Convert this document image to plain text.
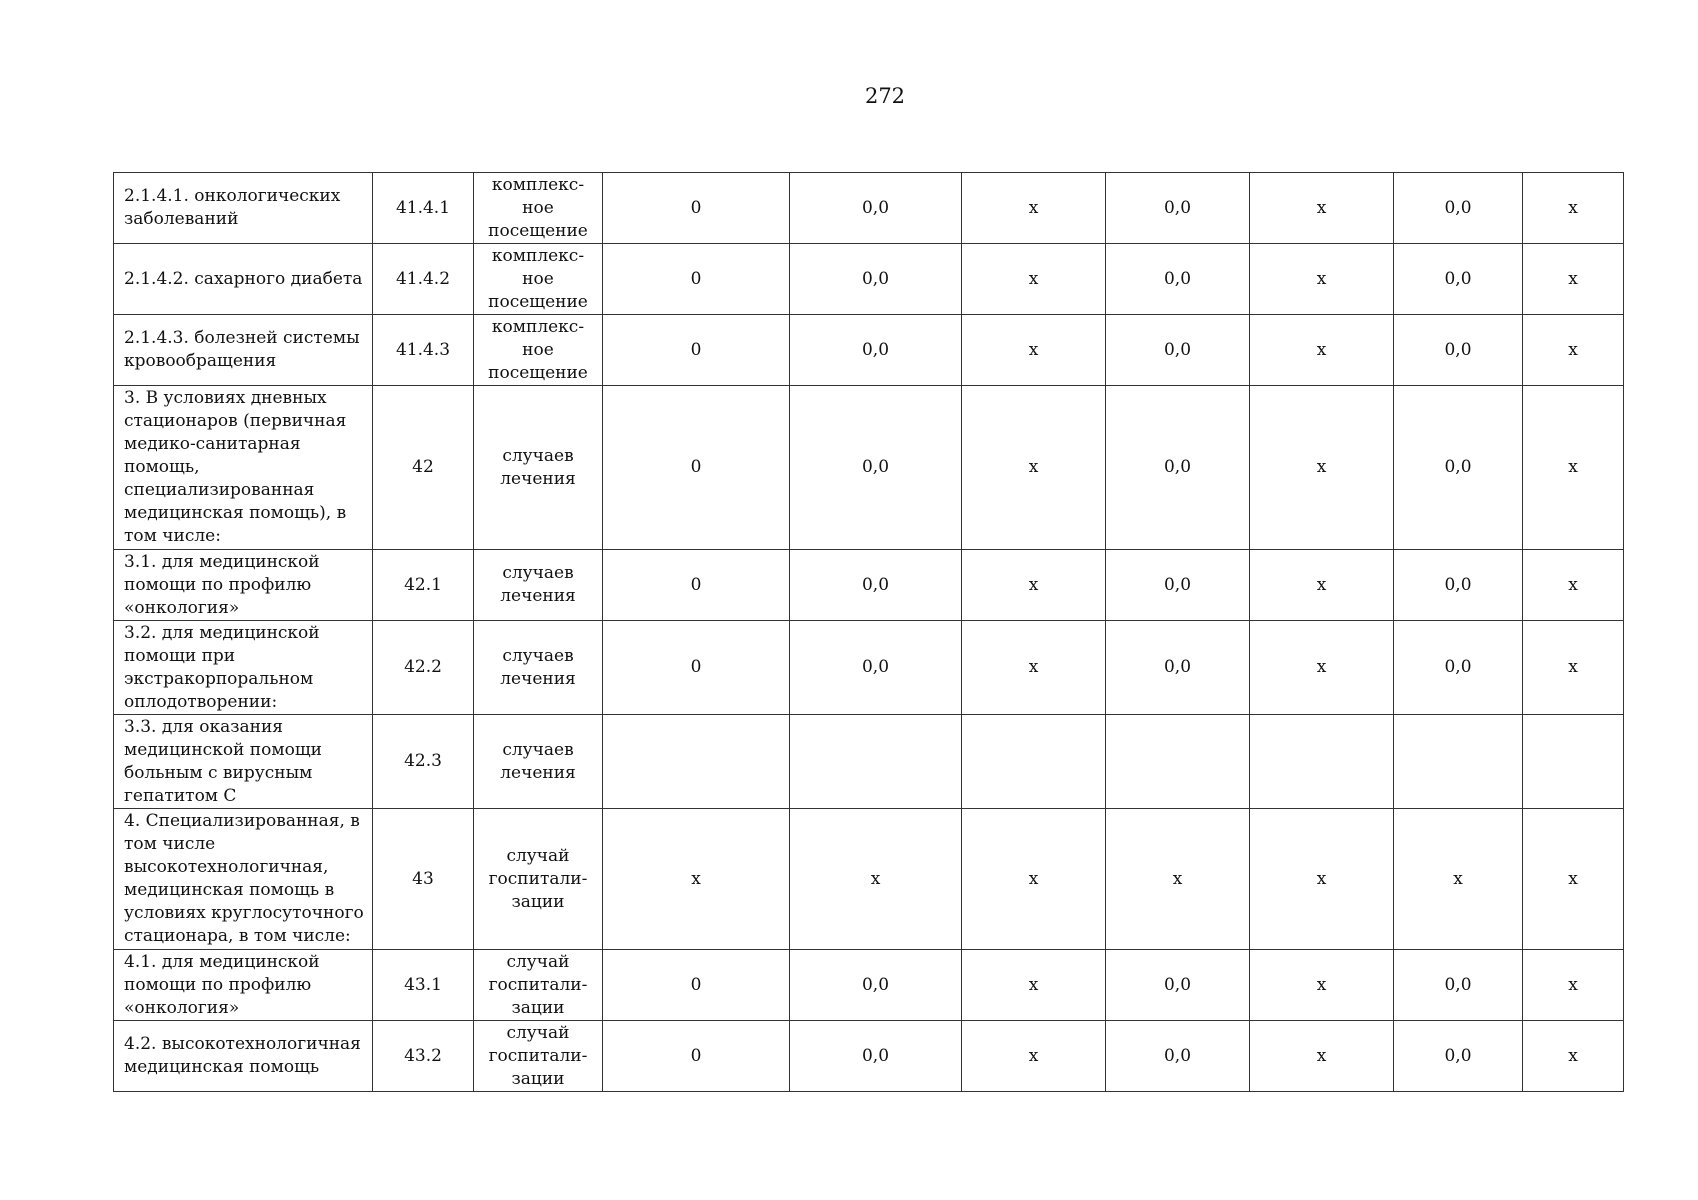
272
2.1.4.1. онкологических заболеваний	41.4.1	комплекс-
ное
посещение	0	0,0	х	0,0	х	0,0	х

2.1.4.2. сахарного диабета	41.4.2	комплекс-
ное
посещение	0	0,0	х	0,0	х	0,0	х

2.1.4.3. болезней системы кровообращения	41.4.3	комплекс-
ное
посещение	0	0,0	х	0,0	х	0,0	х

3. В условиях дневных стационаров (первичная медико-санитарная помощь, специализированная медицинская помощь), в том числе:	42	случаев
лечения	0	0,0	х	0,0	х	0,0	х

3.1. для медицинской помощи по профилю «онкология»	42.1	случаев
лечения	0	0,0	х	0,0	х	0,0	х

3.2. для медицинской помощи при экстракорпоральном оплодотворении:	42.2	случаев
лечения	0	0,0	х	0,0	х	0,0	х

3.3. для оказания медицинской помощи больным с вирусным гепатитом С	42.3	случаев
лечения							

4. Специализированная, в том числе высокотехнологичная, медицинская помощь в условиях круглосуточного стационара, в том числе:	43	случай
госпитали-
зации	х	х	х	х	х	х	х

4.1. для медицинской помощи по профилю «онкология»	43.1	случай
госпитали-
зации	0	0,0	х	0,0	х	0,0	х

4.2. высокотехнологичная медицинская помощь	43.2	случай
госпитали-
зации	0	0,0	х	0,0	х	0,0	х
